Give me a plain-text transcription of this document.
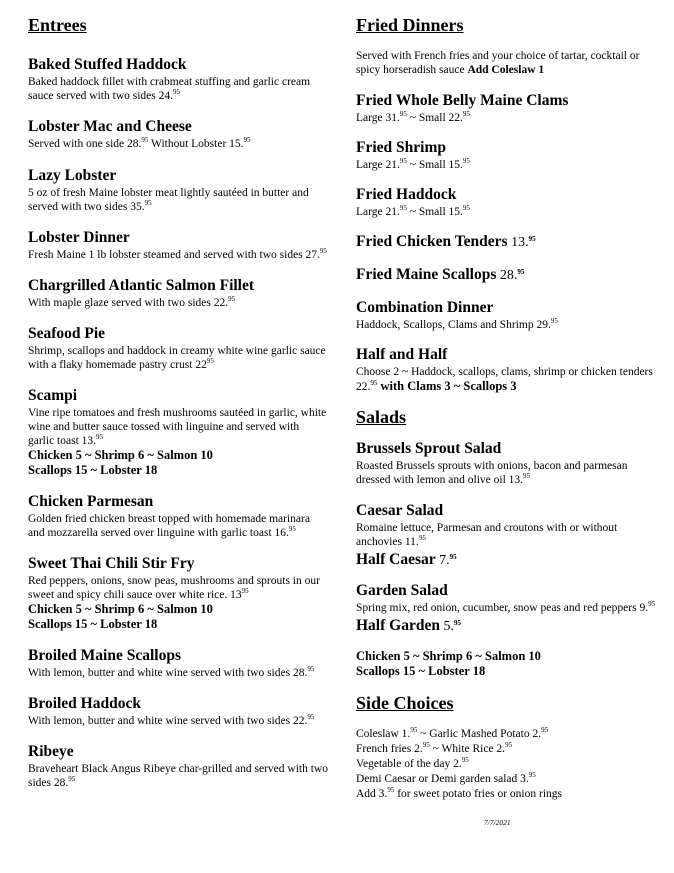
Entrees
Baked Stuffed Haddock
Baked haddock fillet with crabmeat stuffing and garlic cream sauce served with two sides 24.95
Lobster Mac and Cheese
Served with one side 28.95 Without Lobster 15.95
Lazy Lobster
5 oz of fresh Maine lobster meat lightly sautéed in butter and served with two sides 35.95
Lobster Dinner
Fresh Maine 1 lb lobster steamed and served with two sides 27.95
Chargrilled Atlantic Salmon Fillet
With maple glaze served with two sides 22.95
Seafood Pie
Shrimp, scallops and haddock in creamy white wine garlic sauce with a flaky homemade pastry crust $22^{95}$
Scampi
Vine ripe tomatoes and fresh mushrooms sautéed in garlic, white wine and butter sauce tossed with linguine and served with garlic toast 13.95
Chicken 5 ~ Shrimp 6 ~ Salmon 10
Scallops 15 ~ Lobster 18
Chicken Parmesan
Golden fried chicken breast topped with homemade marinara and mozzarella served over linguine with garlic toast 16.95
Sweet Thai Chili Stir Fry
Red peppers, onions, snow peas, mushrooms and sprouts in our sweet and spicy chili sauce over white rice. $13^{95}$
Chicken 5 ~ Shrimp 6 ~ Salmon 10
Scallops 15 ~ Lobster 18
Broiled Maine Scallops
With lemon, butter and white wine served with two sides 28.95
Broiled Haddock
With lemon, butter and white wine served with two sides 22.95
Ribeye
Braveheart Black Angus Ribeye char-grilled and served with two sides 28.95
Fried Dinners
Served with French fries and your choice of tartar, cocktail or spicy horseradish sauce Add Coleslaw 1
Fried Whole Belly Maine Clams
Large 31.95 ~ Small 22.95
Fried Shrimp
Large 21.95 ~ Small 15.95
Fried Haddock
Large 21.95 ~ Small 15.95
Fried Chicken Tenders 13.95
Fried Maine Scallops 28.95
Combination Dinner
Haddock, Scallops, Clams and Shrimp 29.95
Half and Half
Choose 2 ~ Haddock, scallops, clams, shrimp or chicken tenders 22.95 with Clams 3 ~ Scallops 3
Salads
Brussels Sprout Salad
Roasted Brussels sprouts with onions, bacon and parmesan dressed with lemon and olive oil 13.95
Caesar Salad
Romaine lettuce, Parmesan and croutons with or without anchovies 11.95
Half Caesar 7.95
Garden Salad
Spring mix, red onion, cucumber, snow peas and red peppers 9.95
Half Garden 5.95
Chicken 5 ~ Shrimp 6 ~ Salmon 10
Scallops 15 ~ Lobster 18
Side Choices
Coleslaw 1.95 ~ Garlic Mashed Potato 2.95
French fries 2.95 ~ White Rice 2.95
Vegetable of the day 2.95
Demi Caesar or Demi garden salad 3.95
Add 3.95 for sweet potato fries or onion rings
7/7/2021
